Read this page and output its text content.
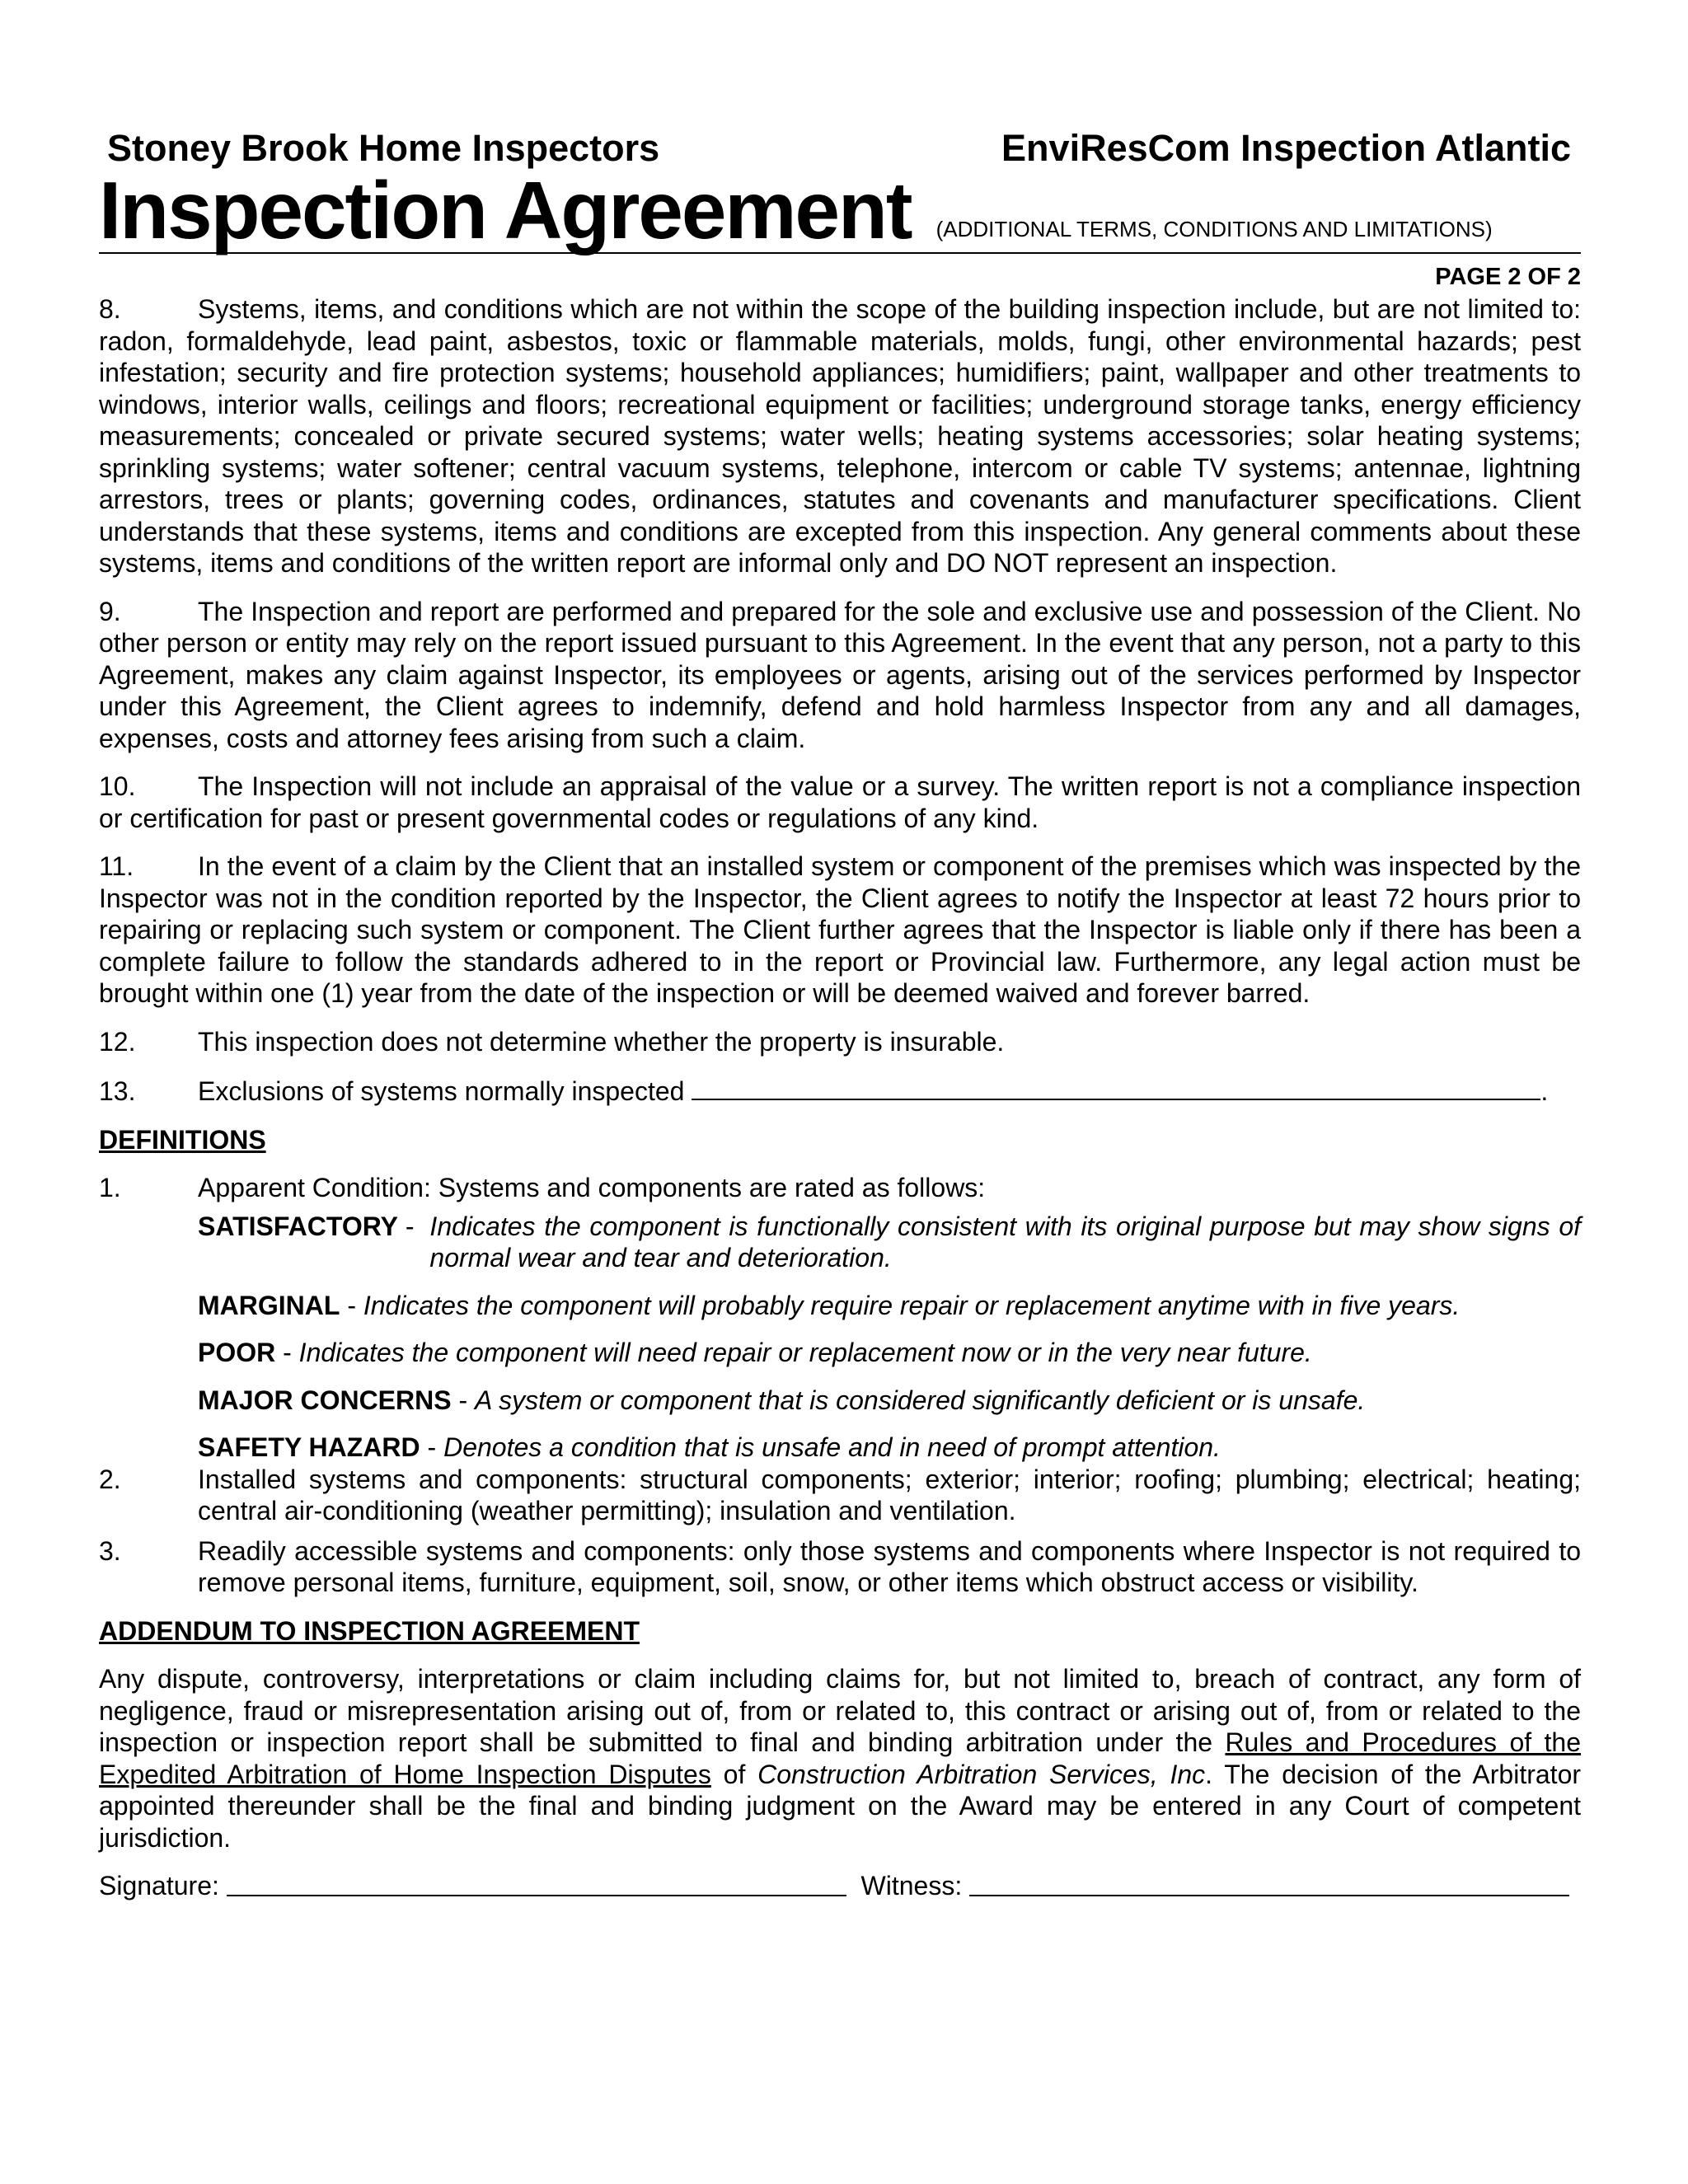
Stoney Brook Home Inspectors	EnviResCom Inspection Atlantic
Inspection Agreement (ADDITIONAL TERMS, CONDITIONS AND LIMITATIONS)
PAGE 2 OF 2
8.	Systems, items, and conditions which are not within the scope of the building inspection include, but are not limited to: radon, formaldehyde, lead paint, asbestos, toxic or flammable materials, molds, fungi, other environmental hazards; pest infestation; security and fire protection systems; household appliances; humidifiers; paint, wallpaper and other treatments to windows, interior walls, ceilings and floors; recreational equipment or facilities; underground storage tanks, energy efficiency measurements; concealed or private secured systems; water wells; heating systems accessories; solar heating systems; sprinkling systems; water softener; central vacuum systems, telephone, intercom or cable TV systems; antennae, lightning arrestors, trees or plants; governing codes, ordinances, statutes and covenants and manufacturer specifications. Client understands that these systems, items and conditions are excepted from this inspection. Any general comments about these systems, items and conditions of the written report are informal only and DO NOT represent an inspection.
9.	The Inspection and report are performed and prepared for the sole and exclusive use and possession of the Client. No other person or entity may rely on the report issued pursuant to this Agreement. In the event that any person, not a party to this Agreement, makes any claim against Inspector, its employees or agents, arising out of the services performed by Inspector under this Agreement, the Client agrees to indemnify, defend and hold harmless Inspector from any and all damages, expenses, costs and attorney fees arising from such a claim.
10. The Inspection will not include an appraisal of the value or a survey. The written report is not a compliance inspection or certification for past or present governmental codes or regulations of any kind.
11. In the event of a claim by the Client that an installed system or component of the premises which was inspected by the Inspector was not in the condition reported by the Inspector, the Client agrees to notify the Inspector at least 72 hours prior to repairing or replacing such system or component. The Client further agrees that the Inspector is liable only if there has been a complete failure to follow the standards adhered to in the report or Provincial law. Furthermore, any legal action must be brought within one (1) year from the date of the inspection or will be deemed waived and forever barred.
12. This inspection does not determine whether the property is insurable.
13. Exclusions of systems normally inspected	.
DEFINITIONS
1.	Apparent Condition: Systems and components are rated as follows:
SATISFACTORY - Indicates the component is functionally consistent with its original purpose but may show signs of normal wear and tear and deterioration.
MARGINAL - Indicates the component will probably require repair or replacement anytime with in five years.
POOR - Indicates the component will need repair or replacement now or in the very near future.
MAJOR CONCERNS - A system or component that is considered significantly deficient or is unsafe.
SAFETY HAZARD - Denotes a condition that is unsafe and in need of prompt attention.
2.	Installed systems and components: structural components; exterior; interior; roofing; plumbing; electrical; heating; central air-conditioning (weather permitting); insulation and ventilation.
3.	Readily accessible systems and components: only those systems and components where Inspector is not required to remove personal items, furniture, equipment, soil, snow, or other items which obstruct access or visibility.
ADDENDUM TO INSPECTION AGREEMENT
Any dispute, controversy, interpretations or claim including claims for, but not limited to, breach of contract, any form of negligence, fraud or misrepresentation arising out of, from or related to, this contract or arising out of, from or related to the inspection or inspection report shall be submitted to final and binding arbitration under the Rules and Procedures of the Expedited Arbitration of Home Inspection Disputes of Construction Arbitration Services, Inc. The decision of the Arbitrator appointed thereunder shall be the final and binding judgment on the Award may be entered in any Court of competent jurisdiction.
Signature:

	Witness:
